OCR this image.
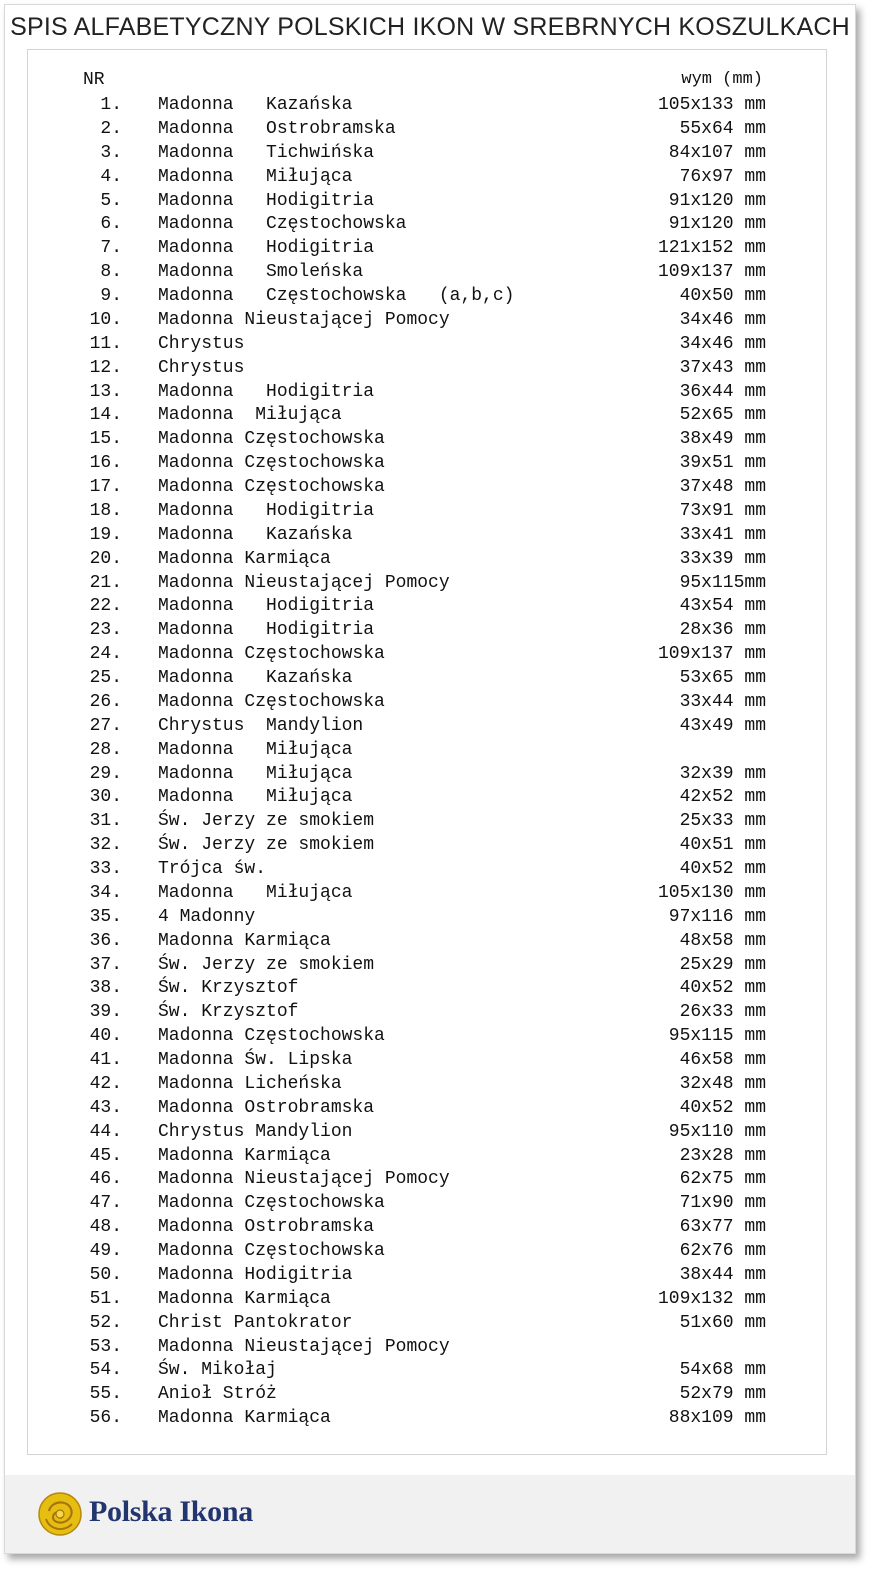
SPIS ALFABETYCZNY POLSKICH IKON W SREBRNYCH KOSZULKACH
NR	wym (mm)
1. Madonna   Kazańska	105x133 mm
2. Madonna   Ostrobramska	55x64 mm
3. Madonna   Tichwińska	84x107 mm
4. Madonna   Miłująca	76x97 mm
5. Madonna   Hodigitria	91x120 mm
6. Madonna   Częstochowska	91x120 mm
7. Madonna   Hodigitria	121x152 mm
8. Madonna   Smoleńska	109x137 mm
9. Madonna   Częstochowska   (a,b,c)	40x50 mm
10. Madonna Nieustającej Pomocy	34x46 mm
11. Chrystus	34x46 mm
12. Chrystus	37x43 mm
13. Madonna   Hodigitria	36x44 mm
14. Madonna  Miłująca	52x65 mm
15. Madonna Częstochowska	38x49 mm
16. Madonna Częstochowska	39x51 mm
17. Madonna Częstochowska	37x48 mm
18. Madonna   Hodigitria	73x91 mm
19. Madonna   Kazańska	33x41 mm
20. Madonna Karmiąca	33x39 mm
21. Madonna Nieustającej Pomocy	95x115mm
22. Madonna   Hodigitria	43x54 mm
23. Madonna   Hodigitria	28x36 mm
24. Madonna Częstochowska	109x137 mm
25. Madonna   Kazańska	53x65 mm
26. Madonna Częstochowska	33x44 mm
27. Chrystus  Mandylion	43x49 mm
28. Madonna   Miłująca
29. Madonna   Miłująca	32x39 mm
30. Madonna   Miłująca	42x52 mm
31. Św. Jerzy ze smokiem	25x33 mm
32. Św. Jerzy ze smokiem	40x51 mm
33. Trójca św.	40x52 mm
34. Madonna   Miłująca	105x130 mm
35. 4 Madonny	97x116 mm
36. Madonna Karmiąca	48x58 mm
37. Św. Jerzy ze smokiem	25x29 mm
38. Św. Krzysztof	40x52 mm
39. Św. Krzysztof	26x33 mm
40. Madonna Częstochowska	95x115 mm
41. Madonna Św. Lipska	46x58 mm
42. Madonna Licheńska	32x48 mm
43. Madonna Ostrobramska	40x52 mm
44. Chrystus Mandylion	95x110 mm
45. Madonna Karmiąca	23x28 mm
46. Madonna Nieustającej Pomocy	62x75 mm
47. Madonna Częstochowska	71x90 mm
48. Madonna Ostrobramska	63x77 mm
49. Madonna Częstochowska	62x76 mm
50. Madonna Hodigitria	38x44 mm
51. Madonna Karmiąca	109x132 mm
52. Christ Pantokrator	51x60 mm
53. Madonna Nieustającej Pomocy
54. Św. Mikołaj	54x68 mm
55. Anioł Stróż	52x79 mm
56. Madonna Karmiąca	88x109 mm
Polska Ikona
